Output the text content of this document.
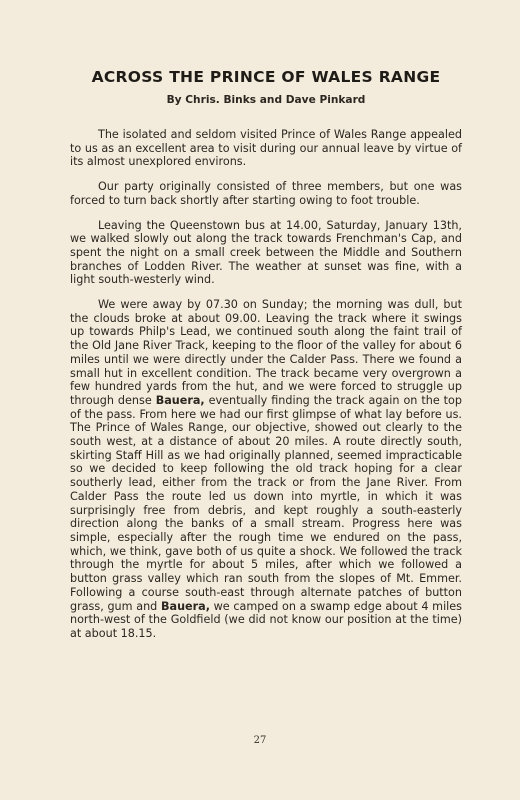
ACROSS THE PRINCE OF WALES RANGE
By Chris. Binks and Dave Pinkard

The isolated and seldom visited Prince of Wales Range appealed to us as an excellent area to visit during our annual leave by virtue of its almost unexplored environs.

Our party originally consisted of three members, but one was forced to turn back shortly after starting owing to foot trouble.

Leaving the Queenstown bus at 14.00, Saturday, January 13th, we walked slowly out along the track towards Frenchman's Cap, and spent the night on a small creek between the Middle and Southern branches of Lodden River. The weather at sunset was fine, with a light south-westerly wind.

We were away by 07.30 on Sunday; the morning was dull, but the clouds broke at about 09.00. Leaving the track where it swings up towards Philp's Lead, we continued south along the faint trail of the Old Jane River Track, keeping to the floor of the valley for about 6 miles until we were directly under the Calder Pass. There we found a small hut in excellent condition. The track became very overgrown a few hundred yards from the hut, and we were forced to struggle up through dense Bauera, eventually finding the track again on the top of the pass. From here we had our first glimpse of what lay before us. The Prince of Wales Range, our objective, showed out clearly to the south west, at a distance of about 20 miles. A route directly south, skirting Staff Hill as we had originally planned, seemed impracticable so we decided to keep following the old track hoping for a clear southerly lead, either from the track or from the Jane River. From Calder Pass the route led us down into myrtle, in which it was surprisingly free from debris, and kept roughly a south-easterly direction along the banks of a small stream. Progress here was simple, especially after the rough time we endured on the pass, which, we think, gave both of us quite a shock. We followed the track through the myrtle for about 5 miles, after which we followed a button grass valley which ran south from the slopes of Mt. Emmer. Following a course south-east through alternate patches of button grass, gum and Bauera, we camped on a swamp edge about 4 miles north-west of the Goldfield (we did not know our position at the time) at about 18.15.

27
